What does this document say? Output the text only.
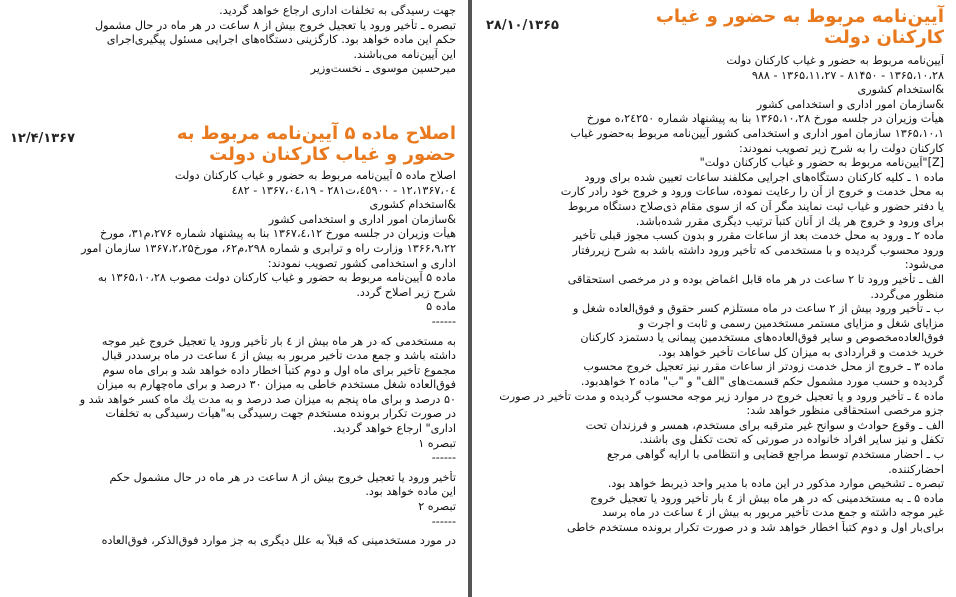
جهت رسیدگی به تخلفات اداری ارجاع خواهد گردید.

تبصره ـ تأخیر ورود یا تعجیل خروج بیش از ۸ ساعت در هر ماه در حال مشمول

حکم این ماده خواهد بود. کارگزینی دستگاه‌های اجرایی مسئول پیگیری‌اجرای

این آیین‌نامه می‌باشند.

میرحسین موسوی ـ نخست‌وزیر

اصلاح ماده ۵ آیین‌نامه مربوط به حضور و غیاب کارکنان دولت
۱۲/۴/۱۳۶۷

اصلاح ماده ۵ آیین‌نامه مربوط به حضور و غیاب کارکنان دولت

۱۳۶۷،۰٤،۱۲ - ٤٥۹۰۰،ت۲۸۱ - ۱۳۶۷،۰٤،۱۹ - ٤۸۲

&استخدام کشوری

&سازمان امور اداری و استخدامی کشور

هیأت وزیران در جلسه مورخ ۱۳۶۷،٤،۱۲ بنا به پیشنهاد شماره ۲۷۶،م۳۱، مورخ

۱۳۶۶،۹،۲۲ وزارت راه و ترابری و شماره ۲۹۸،م۶۲، مورخ۱۳۶۷،۲،۲۵ سازمان امور

اداری و استخدامی کشور تصویب نمودند:

ماده ۵ آیین‌نامه مربوط به حضور و غیاب کارکنان دولت مصوب ۱۳۶۵،۱۰،۲۸ به

شرح زیر اصلاح گردد.

ماده ۵

------

به مستخدمی که در هر ماه بیش از ٤ بار تأخیر ورود یا تعجیل خروج غیر موجه

داشته باشد و جمع مدت تأخیر مربور به بیش از ٤ ساعت در ماه برسددر قبال

مجموع تأخیر برای ماه اول و دوم کتباً اخطار داده خواهد شد و برای ماه سوم

فوق‌العاده شغل مستخدم خاطی به میزان ۳۰ درصد و برای ماه‌چهارم به میزان

۵۰ درصد و برای ماه پنجم به میزان صد درصد و به مدت یك ماه كسر خواهد شد و

در صورت تکرار برونده مستخدم جهت رسیدگی به"هیأت رسیدگی به تخلفات

اداری" ارجاع خواهد گردید.

تبصره ۱

------

تأخیر ورود یا تعجیل خروج بیش از ۸ ساعت در هر ماه در حال مشمول حکم

این ماده خواهد بود.

تبصره ۲

------

در مورد مستخدمینی که قبلاً به علل دیگری به جز موارد فوق‌الذکر، فوق‌العاده

آیین‌نامه مربوط به حضور و غیاب کارکنان دولت
۲۸/۱۰/۱۳۶۵

آیین‌نامه مربوط به حضور و غیاب کارکنان دولت

۱۳۶۵،۱۰،۲۸ - ۸۱۴۵۰ - ۱۳۶۵،۱۱،۲۷ - ۹۸۸

&استخدام کشوری

&سازمان امور اداری و استخدامی کشور

هیأت وزیران در جلسه مورخ ۱۳۶۵،۱۰،۲۸ بنا به پیشنهاد شماره ۲٤۲۵۰،ه مورخ

۱۳۶۵،۱۰،۱ سازمان امور اداری و استخدامی کشور آیین‌نامه مربوط به‌حضور غیاب

کارکنان دولت را به شرح زیر تصویب نمودند:

[Z]"آیین‌نامه مربوط به حضور و غیاب کارکنان دولت"

ماده ۱ ـ کلیه کارکنان دستگاه‌های اجرایی مکلفند ساعات تعیین شده برای ورود

به محل خدمت و خروج از آن را رعایت نموده، ساعات ورود و خروج خود رادر کارت

یا دفتر حضور و غیاب ثبت نمایند مگر آن که از سوی مقام ذی‌صلاح دستگاه مربوط

برای ورود و خروج هر یك از آنان كتباً ترتیب دیگری مقرر شده‌باشد.

ماده ۲ ـ ورود به محل خدمت بعد از ساعات مقرر و بدون کسب مجوز قبلی تأخیر

ورود محسوب گردیده و با مستخدمی که تأخیر ورود داشته باشد به شرح زیررفتار

می‌شود:

الف ـ تأخیر ورود تا ۲ ساعت در هر ماه قابل اغماض بوده و در مرخصی استحقاقی

منظور می‌گردد.

ب ـ تأخیر ورود بیش از ۲ ساعت در ماه مستلزم کسر حقوق و فوق‌العاده شغل و

مزایای شغل و مزایای مستمر مستخدمین رسمی و ثابت و اجرت و

فوق‌العاده‌مخصوص و سایر فوق‌العاده‌های مستخدمین پیمانی یا دستمزد کارکنان

خرید خدمت و قراردادی به میزان کل ساعات تأخیر خواهد بود.

ماده ۳ ـ خروج از محل خدمت زودتر از ساعات مقرر نیز تعجیل خروج محسوب

گردیده و حسب مورد مشمول حکم قسمت‌های "الف" و "ب" ماده ۲ خواهدبود.

ماده ٤ ـ تأخیر ورود و یا تعجیل خروج در موارد زیر موجه محسوب گردیده و مدت تأخیر در صورت

جزو مرخصی استحقاقی منظور خواهد شد:

الف ـ وقوع حوادث و سوانح غیر مترقبه برای مستخدم، همسر و فرزندان تحت

تکفل و نیز سایر افراد خانواده در صورتی که تحت تکفل وی باشند.

ب ـ احضار مستخدم توسط مراجع قضایی و انتظامی با ارایه گواهی مرجع

احضارکننده.

تبصره ـ تشخیص موارد مذکور در این ماده با مدیر واحد ذیربط خواهد بود.

ماده ۵ ـ به مستخدمینی که در هر ماه بیش از ٤ بار تأخیر ورود یا تعجیل خروج

غیر موجه داشته و جمع مدت تأخیر مربور به بیش از ٤ ساعت در ماه برسد

برای‌بار اول و دوم کتباً اخطار خواهد شد و در صورت تکرار برونده مستخدم خاطی
